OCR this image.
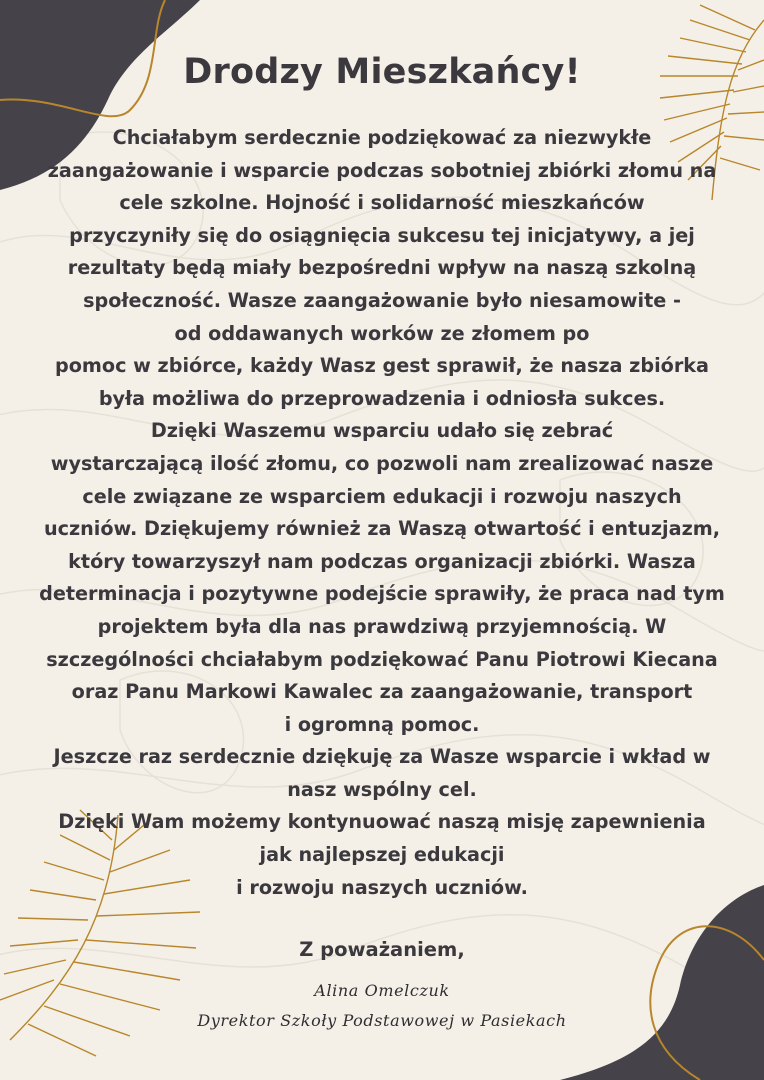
Drodzy Mieszkańcy!

Chciałabym serdecznie podziękować za niezwykłe
zaangażowanie i wsparcie podczas sobotniej zbiórki złomu na
cele szkolne. Hojność i solidarność mieszkańców
przyczyniły się do osiągnięcia sukcesu tej inicjatywy, a jej
rezultaty będą miały bezpośredni wpływ na naszą szkolną
społeczność. Wasze zaangażowanie było niesamowite -
od oddawanych worków ze złomem po
pomoc w zbiórce, każdy Wasz gest sprawił, że nasza zbiórka
była możliwa do przeprowadzenia i odniosła sukces.
Dzięki Waszemu wsparciu udało się zebrać
wystarczającą ilość złomu, co pozwoli nam zrealizować nasze
cele związane ze wsparciem edukacji i rozwoju naszych
uczniów. Dziękujemy również za Waszą otwartość i entuzjazm,
który towarzyszył nam podczas organizacji zbiórki. Wasza
determinacja i pozytywne podejście sprawiły, że praca nad tym
projektem była dla nas prawdziwą przyjemnością. W
szczególności chciałabym podziękować Panu Piotrowi Kiecana
oraz Panu Markowi Kawalec za zaangażowanie, transport
i ogromną pomoc.
Jeszcze raz serdecznie dziękuję za Wasze wsparcie i wkład w
nasz wspólny cel.
Dzięki Wam możemy kontynuować naszą misję zapewnienia
jak najlepszej edukacji
i rozwoju naszych uczniów.

Z poważaniem,

Alina Omelczuk

Dyrektor Szkoły Podstawowej w Pasiekach
